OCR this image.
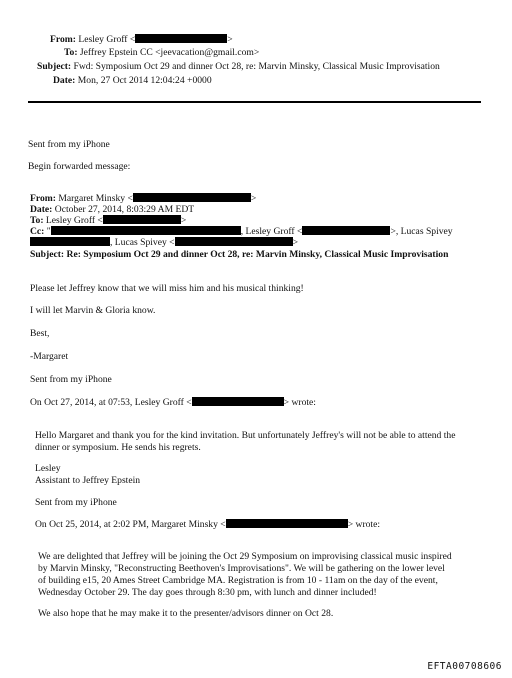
From: Lesley Groff <	>
To: Jeffrey Epstein CC <jeevacation@gmail.com>
Subject: Fwd: Symposium Oct 29 and dinner Oct 28, re: Marvin Minsky, Classical Music Improvisation
Date: Mon, 27 Oct 2014 12:04:24 +0000
Sent from my iPhone
Begin forwarded message:
From: Margaret Minsky <	>
Date: October 27, 2014, 8:03:29 AM EDT
To: Lesley Groff <	>
Cc: "	, Lesley Groff <	>, Lucas Spivey
, Lucas Spivey <	>
Subject: Re: Symposium Oct 29 and dinner Oct 28, re: Marvin Minsky, Classical Music Improvisation
Please let Jeffrey know that we will miss him and his musical thinking!
I will let Marvin & Gloria know.
Best,
-Margaret
Sent from my iPhone
On Oct 27, 2014, at 07:53, Lesley Groff <	> wrote:
Hello Margaret and thank you for the kind invitation. But unfortunately Jeffrey's will not be able to attend the
dinner or symposium. He sends his regrets.
Lesley
Assistant to Jeffrey Epstein
Sent from my iPhone
On Oct 25, 2014, at 2:02 PM, Margaret Minsky <	> wrote:
We are delighted that Jeffrey will be joining the Oct 29 Symposium on improvising classical music inspired
by Marvin Minsky, "Reconstructing Beethoven's Improvisations". We will be gathering on the lower level
of building e15, 20 Ames Street Cambridge MA. Registration is from 10 - 11am on the day of the event,
Wednesday October 29. The day goes through 8:30 pm, with lunch and dinner included!
We also hope that he may make it to the presenter/advisors dinner on Oct 28.
EFTA00708606
